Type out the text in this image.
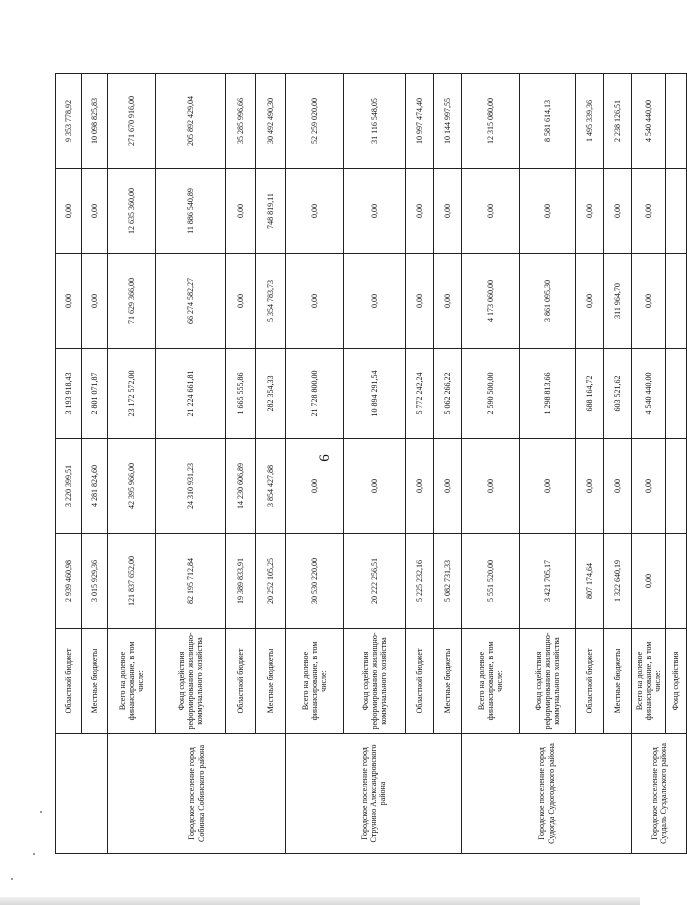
6
	Областной бюджет	2 939 460,98	3 220 399,51	3 193 918,43	0,00	0,00	9 353 778,92
	Местные бюджеты	3 015 929,36	4 281 824,60	2 801 071,87	0,00	0,00	10 098 825,83
Городское поселение город Собинка Собинского района	Всего на долевое финансирование, в том числе:	121 837 652,00	42 395 966,00	23 172 572,00	71 629 366,00	12 635 360,00	271 670 916,00
	Фонд содействия реформированию жилищно-коммунального хозяйства	82 195 712,84	24 310 931,23	21 224 661,81	66 274 582,27	11 886 540,89	205 892 429,04
	Областной бюджет	19 389 833,91	14 230 606,89	1 665 555,86	0,00	0,00	35 285 996,66
	Местные бюджеты	20 252 105,25	3 854 427,88	282 354,33	5 354 783,73	748 819,11	30 492 490,30
Городское поселение город Струнино Александровского района	Всего на долевое финансирование, в том числе:	30 530 220,00	0,00	21 728 800,00	0,00	0,00	52 259 020,00
	Фонд содействия реформированию жилищно-коммунального хозяйства	20 222 256,51	0,00	10 894 291,54	0,00	0,00	31 116 548,05
	Областной бюджет	5 225 232,16	0,00	5 772 242,24	0,00	0,00	10 997 474,40
	Местные бюджеты	5 082 731,33	0,00	5 062 266,22	0,00	0,00	10 144 997,55
Городское поселение город Судогда Судогодского района	Всего на долевое финансирование, в том числе:	5 551 520,00	0,00	2 590 500,00	4 173 060,00	0,00	12 315 080,00
	Фонд содействия реформированию жилищно-коммунального хозяйства	3 421 705,17	0,00	1 298 813,66	3 861 095,30	0,00	8 581 614,13
	Областной бюджет	807 174,64	0,00	688 164,72	0,00	0,00	1 495 339,36
	Местные бюджеты	1 322 640,19	0,00	603 521,62	311 964,70	0,00	2 238 126,51
Городское поселение город Суздаль Суздальского района	Всего на долевое финансирование, в том числе:	0,00	0,00	4 540 440,00	0,00	0,00	4 540 440,00
	Фонд содействия						
